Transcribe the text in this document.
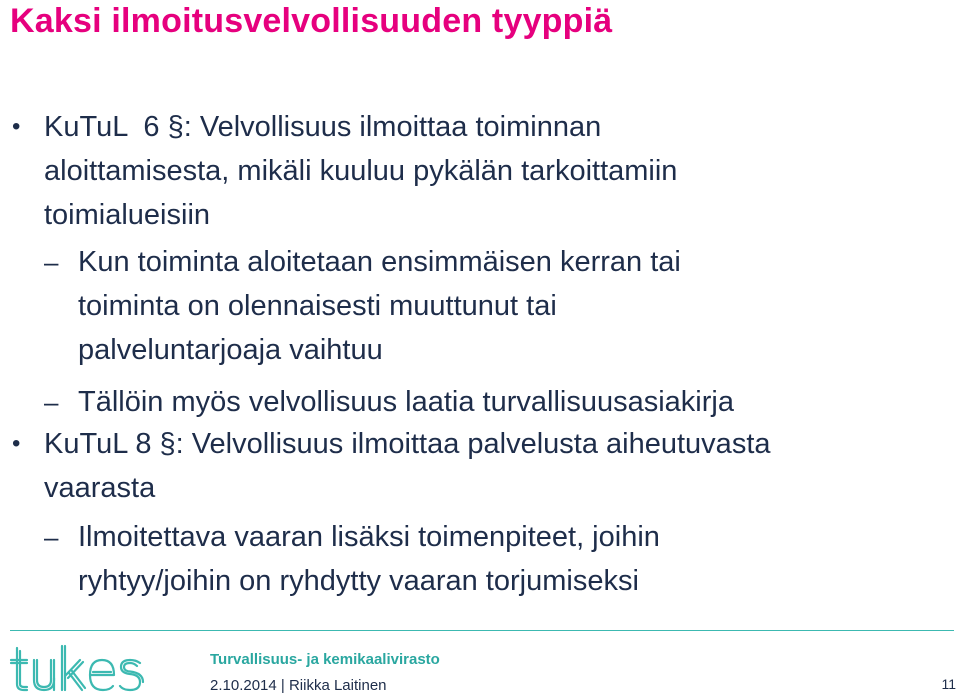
Kaksi ilmoitusvelvollisuuden tyyppiä
• KuTuL  6 §: Velvollisuus ilmoittaa toiminnan
aloittamisesta, mikäli kuuluu pykälän tarkoittamiin
toimialueisiin
– Kun toiminta aloitetaan ensimmäisen kerran tai
toiminta on olennaisesti muuttunut tai
palveluntarjoaja vaihtuu
– Tällöin myös velvollisuus laatia turvallisuusasiakirja
• KuTuL 8 §: Velvollisuus ilmoittaa palvelusta aiheutuvasta
vaarasta
– Ilmoitettava vaaran lisäksi toimenpiteet, joihin
ryhtyy/joihin on ryhdytty vaaran torjumiseksi
Turvallisuus- ja kemikaalivirasto
2.10.2014 | Riikka Laitinen	11
